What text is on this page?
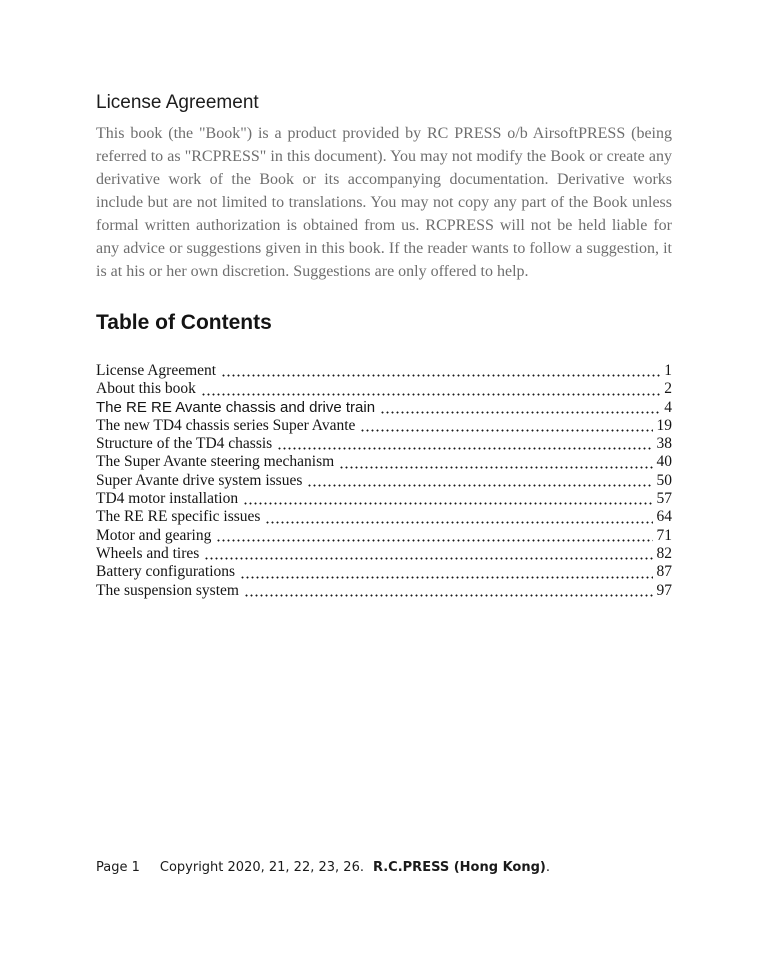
License Agreement

This book (the "Book") is a product provided by RC PRESS o/b AirsoftPRESS (being referred to as "RCPRESS" in this document). You may not modify the Book or create any derivative work of the Book or its accompanying documentation. Derivative works include but are not limited to translations. You may not copy any part of the Book unless formal written authorization is obtained from us. RCPRESS will not be held liable for any advice or suggestions given in this book. If the reader wants to follow a suggestion, it is at his or her own discretion. Suggestions are only offered to help.

Table of Contents
License Agreement	1
About this book	2
The RE RE Avante chassis and drive train	4
The new TD4 chassis series Super Avante	19
Structure of the TD4 chassis	38
The Super Avante steering mechanism	40
Super Avante drive system issues	50
TD4 motor installation	57
The RE RE specific issues	64
Motor and gearing	71
Wheels and tires	82
Battery configurations	87
The suspension system	97
Page 1 Copyright 2020, 21, 22, 23, 26. R.C.PRESS (Hong Kong).
